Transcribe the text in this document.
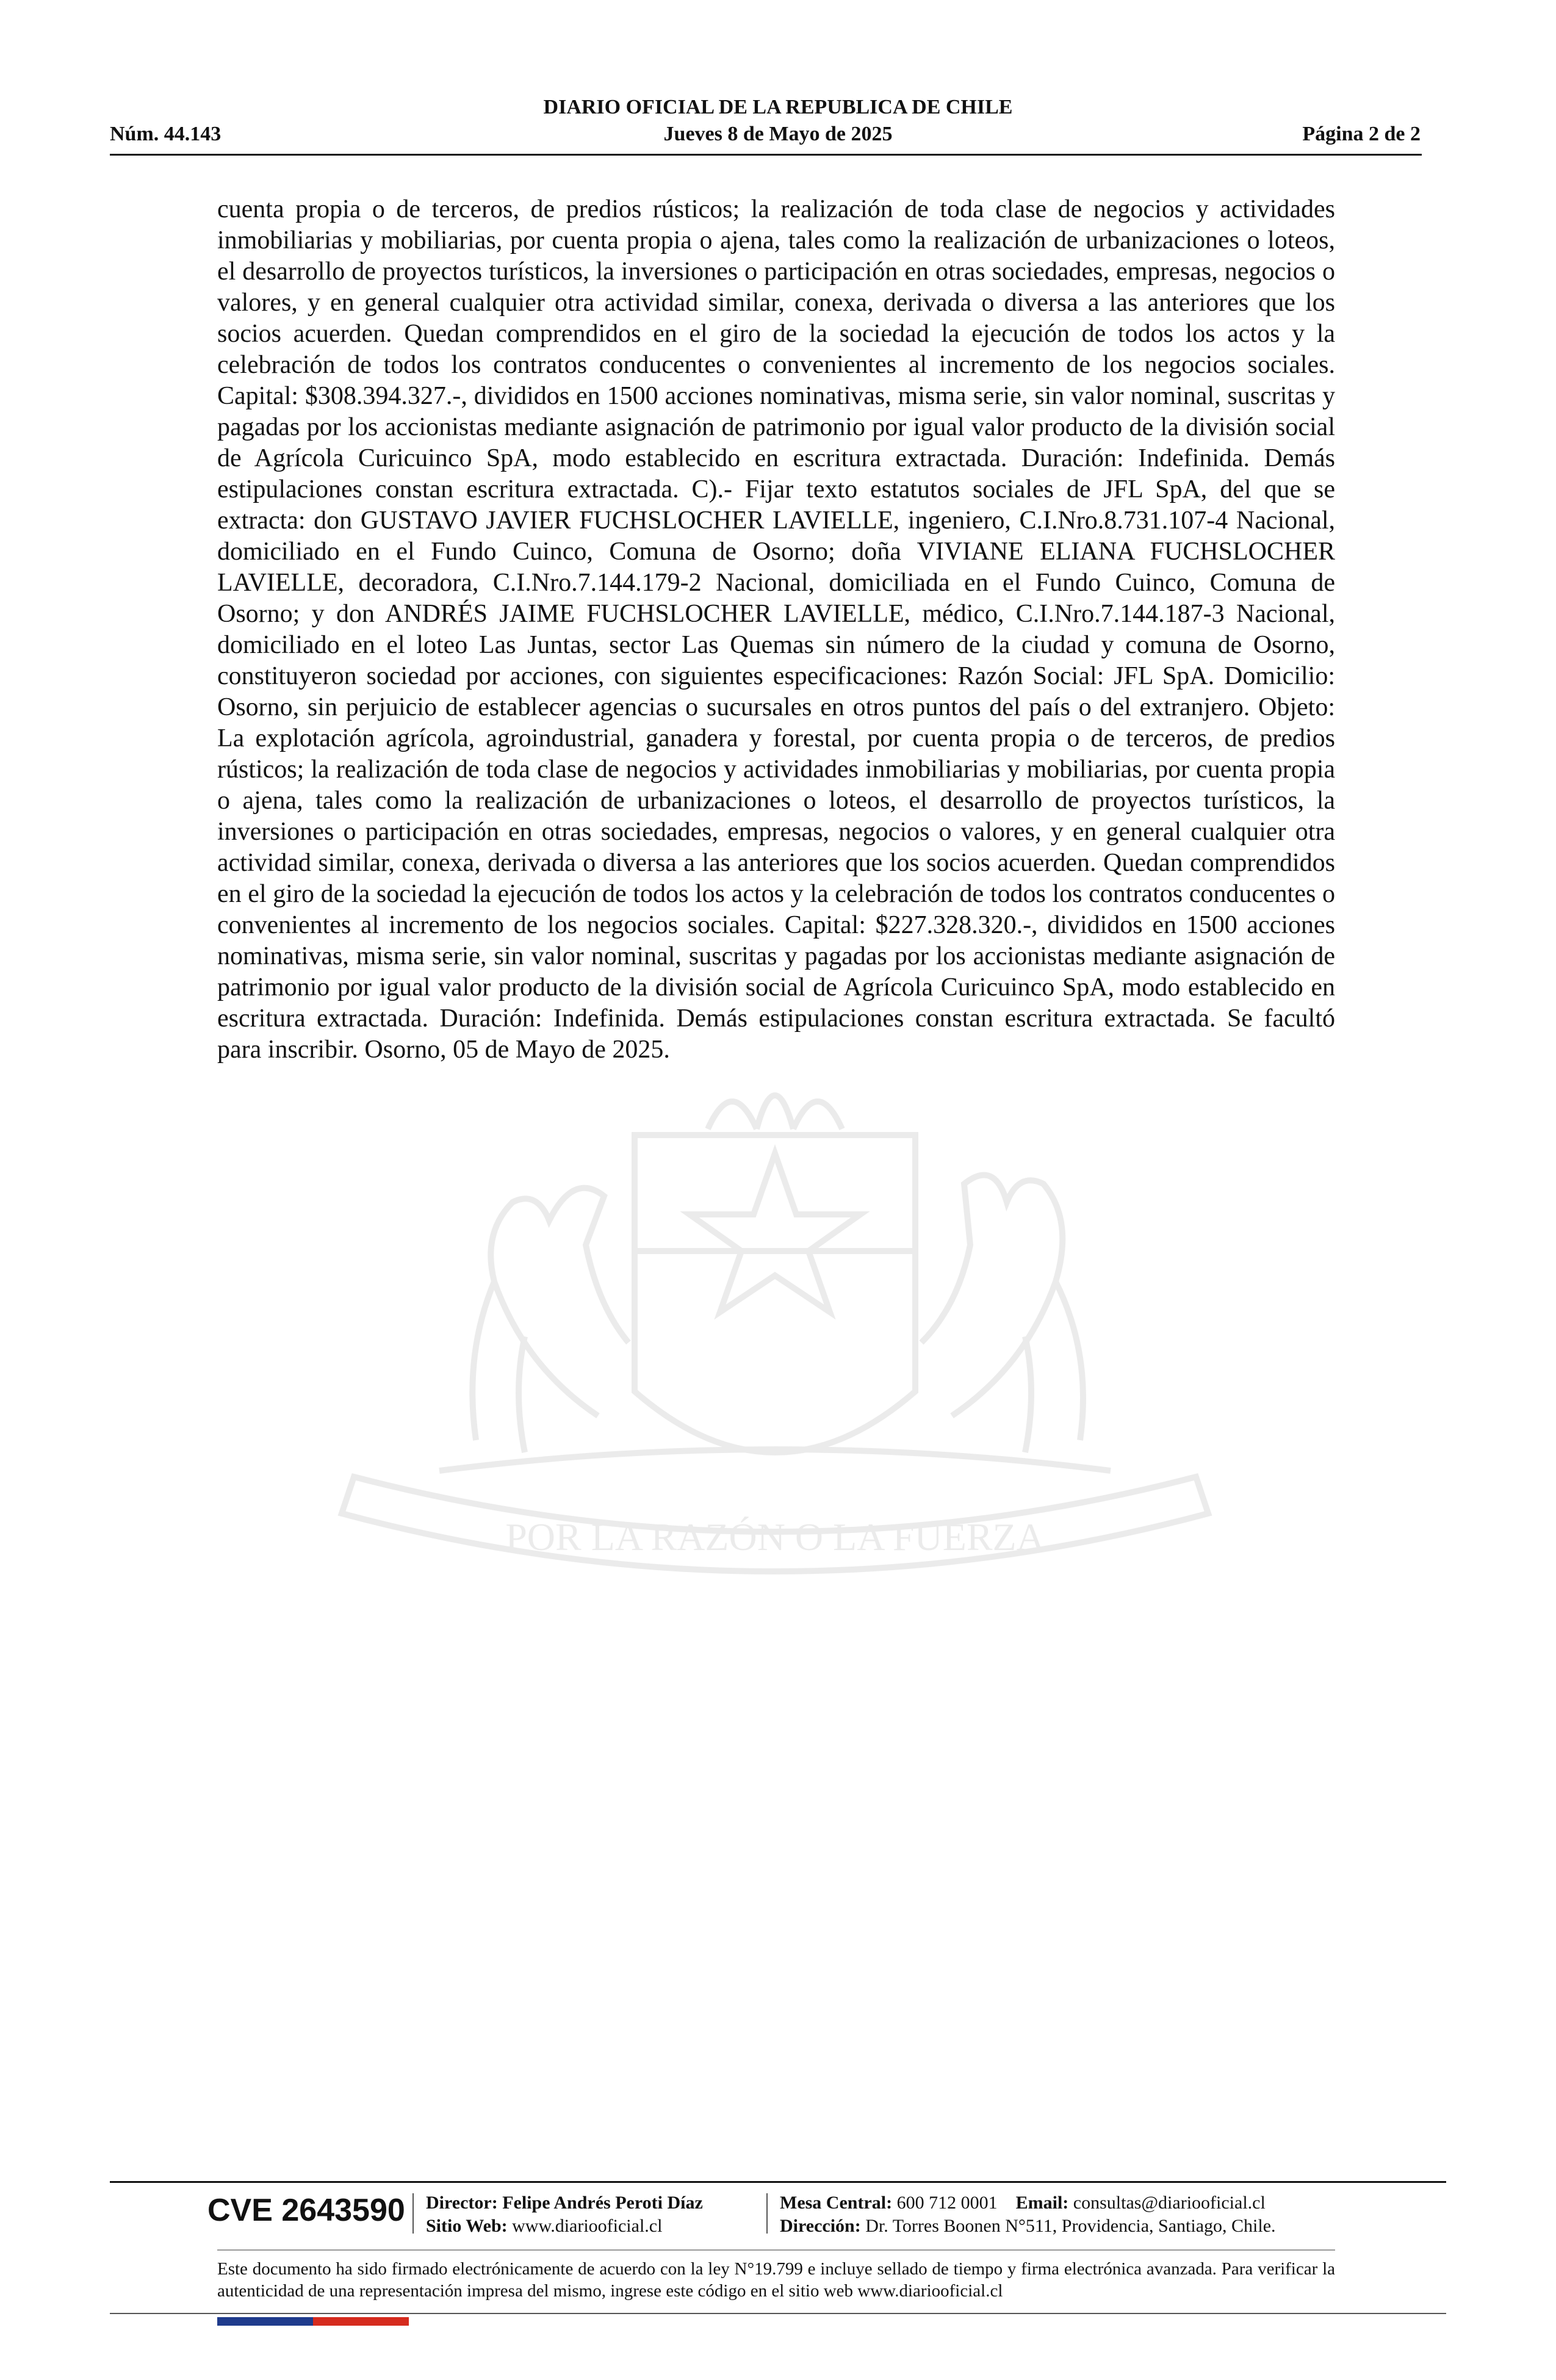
DIARIO OFICIAL DE LA REPUBLICA DE CHILE
Núm. 44.143	Jueves 8 de Mayo de 2025	Página 2 de 2
POR LA RAZÓN O LA FUERZA

cuenta propia o de terceros, de predios rústicos; la realización de toda clase de negocios y actividades inmobiliarias y mobiliarias, por cuenta propia o ajena, tales como la realización de urbanizaciones o loteos, el desarrollo de proyectos turísticos, la inversiones o participación en otras sociedades, empresas, negocios o valores, y en general cualquier otra actividad similar, conexa, derivada o diversa a las anteriores que los socios acuerden. Quedan comprendidos en el giro de la sociedad la ejecución de todos los actos y la celebración de todos los contratos conducentes o convenientes al incremento de los negocios sociales. Capital: $308.394.327.-, divididos en 1500 acciones nominativas, misma serie, sin valor nominal, suscritas y pagadas por los accionistas mediante asignación de patrimonio por igual valor producto de la división social de Agrícola Curicuinco SpA, modo establecido en escritura extractada. Duración: Indefinida. Demás estipulaciones constan escritura extractada. C).- Fijar texto estatutos sociales de JFL SpA, del que se extracta: don GUSTAVO JAVIER FUCHSLOCHER LAVIELLE, ingeniero, C.I.Nro.8.731.107-4 Nacional, domiciliado en el Fundo Cuinco, Comuna de Osorno; doña VIVIANE ELIANA FUCHSLOCHER LAVIELLE, decoradora, C.I.Nro.7.144.179-2 Nacional, domiciliada en el Fundo Cuinco, Comuna de Osorno; y don ANDRÉS JAIME FUCHSLOCHER LAVIELLE, médico, C.I.Nro.7.144.187-3 Nacional, domiciliado en el loteo Las Juntas, sector Las Quemas sin número de la ciudad y comuna de Osorno, constituyeron sociedad por acciones, con siguientes especificaciones: Razón Social: JFL SpA. Domicilio: Osorno, sin perjuicio de establecer agencias o sucursales en otros puntos del país o del extranjero. Objeto: La explotación agrícola, agroindustrial, ganadera y forestal, por cuenta propia o de terceros, de predios rústicos; la realización de toda clase de negocios y actividades inmobiliarias y mobiliarias, por cuenta propia o ajena, tales como la realización de urbanizaciones o loteos, el desarrollo de proyectos turísticos, la inversiones o participación en otras sociedades, empresas, negocios o valores, y en general cualquier otra actividad similar, conexa, derivada o diversa a las anteriores que los socios acuerden. Quedan comprendidos en el giro de la sociedad la ejecución de todos los actos y la celebración de todos los contratos conducentes o convenientes al incremento de los negocios sociales. Capital: $227.328.320.-, divididos en 1500 acciones nominativas, misma serie, sin valor nominal, suscritas y pagadas por los accionistas mediante asignación de patrimonio por igual valor producto de la división social de Agrícola Curicuinco SpA, modo establecido en escritura extractada. Duración: Indefinida. Demás estipulaciones constan escritura extractada. Se facultó para inscribir. Osorno, 05 de Mayo de 2025.

CVE 2643590 Director: Felipe Andrés Peroti Díaz
Sitio Web: www.diariooficial.cl
Mesa Central: 600 712 0001 Email: consultas@diariooficial.cl
Dirección: Dr. Torres Boonen N°511, Providencia, Santiago, Chile.

Este documento ha sido firmado electrónicamente de acuerdo con la ley N°19.799 e incluye sellado de tiempo y firma electrónica avanzada. Para verificar la autenticidad de una representación impresa del mismo, ingrese este código en el sitio web www.diariooficial.cl
